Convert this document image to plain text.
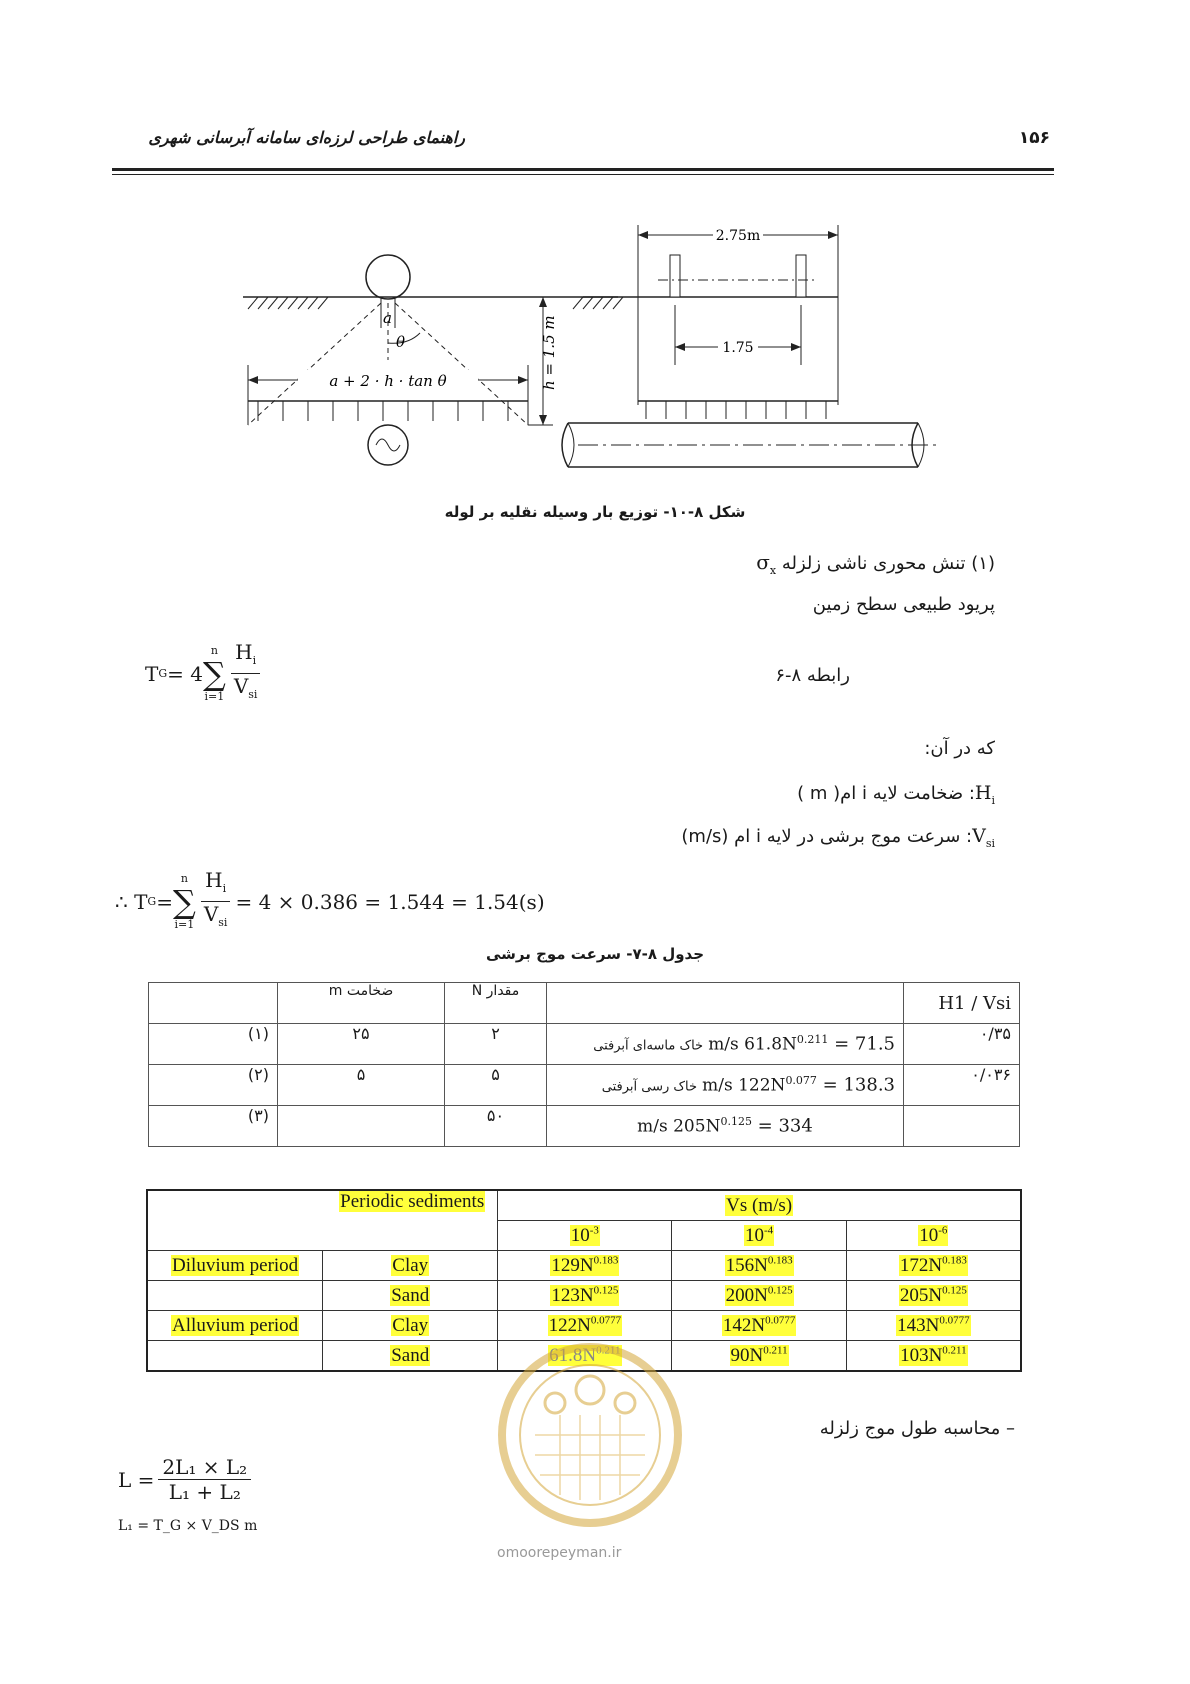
راهنمای طراحی لرزه‌ای سامانه آبرسانی شهری	۱۵۶
a
θ
a + 2 · h · tan θ	h = 1.5 m
2.75m
1.75
شکل ۸-۱۰- توزیع بار وسیله نقلیه بر لوله
(۱) تنش محوری ناشی زلزله $\sigma_x$
پریود طبیعی سطح زمین
T G = 4
n
∑
$i=1 \frac{H_i}{V_{si}}$	رابطه ۸-۶
که در آن:
$H_i$: ضخامت لایه i ام( m )
$V_{si}$: سرعت موج برشی در لایه i ام (m/s)
∴ T G =
n
∑
$i=1 \frac{H_i}{V_{si}} = 4 \times 0.386 = 1.544 = 1.54(s)$
جدول ۸-۷- سرعت موج برشی
	ضخامت m	مقدار N		H1 / Vsi
(۱)	۲۵	۲	خاک ماسه‌ای آبرفتی m/s $61.8N^{0.211} = 71.5$	۰/۳۵
(۲)	۵	۵	خاک رسی آبرفتی m/s $122N^{0.077} = 138.3$	۰/۰۳۶
(۳)		۵۰	m/s $205N^{0.125} = 334$	
Periodic sediments		Vs (m/s)		
		$10^{-3}$	$10^{-4}$	$10^{-6}$
Diluvium period	Clay	$129N^{0.183}$	$156N^{0.183}$	$172N^{0.183}$
	Sand	$123N^{0.125}$	$200N^{0.125}$	$205N^{0.125}$
Alluvium period	Clay	$122N^{0.0777}$	$142N^{0.0777}$	$143N^{0.0777}$
	Sand	$61.8N^{0.211}$	$90N^{0.211}$	$103N^{0.211}$
omoorepeyman.ir
– محاسبه طول موج زلزله
$L = \frac{\text{2L₁ × L₂}}{\text{L₁ + L₂}}$
L₁ = T_G × V_DS m
